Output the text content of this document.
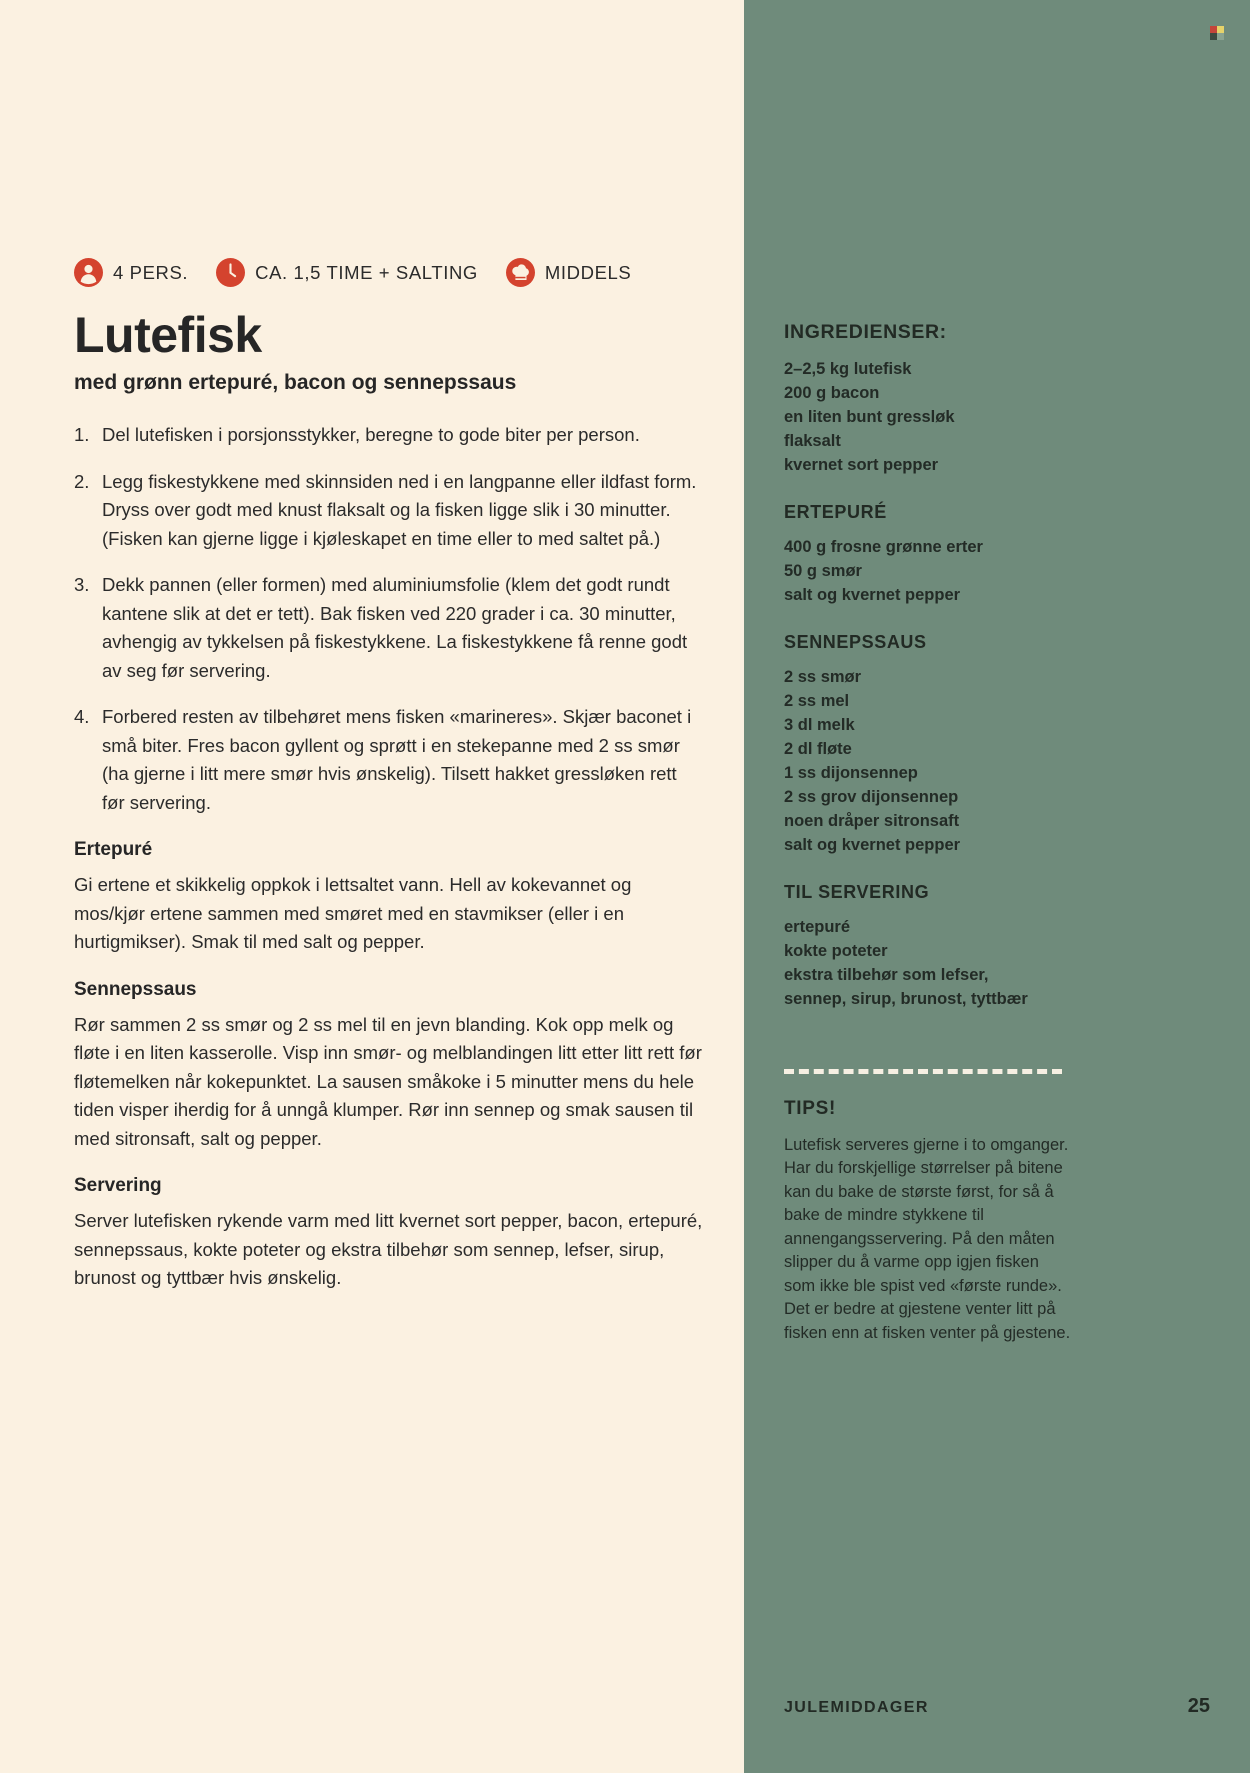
INGREDIENSER:
2–2,5 kg lutefisk
200 g bacon
en liten bunt gressløk
flaksalt
kvernet sort pepper
ERTEPURÉ
400 g frosne grønne erter
50 g smør
salt og kvernet pepper
SENNEPSSAUS
2 ss smør
2 ss mel
3 dl melk
2 dl fløte
1 ss dijonsennep
2 ss grov dijonsennep
noen dråper sitronsaft
salt og kvernet pepper
TIL SERVERING
ertepuré
kokte poteter
ekstra tilbehør som lefser,
sennep, sirup, brunost, tyttbær
TIPS!

Lutefisk serveres gjerne i to omganger. Har du forskjellige størrelser på bitene kan du bake de største først, for så å bake de mindre stykkene til annengangsservering. På den måten slipper du å varme opp igjen fisken som ikke ble spist ved «første runde». Det er bedre at gjestene venter litt på fisken enn at fisken venter på gjestene.

JULEMIDDAGER	25
4 PERS.	CA. 1,5 TIME + SALTING	MIDDELS
Lutefisk
med grønn ertepuré, bacon og sennepssaus
Del lutefisken i porsjonsstykker, beregne to gode biter per person.
Legg fiskestykkene med skinnsiden ned i en langpanne eller ildfast form. Dryss over godt med knust flaksalt og la fisken ligge slik i 30 minutter. (Fisken kan gjerne ligge i kjøleskapet en time eller to med saltet på.)
Dekk pannen (eller formen) med aluminiumsfolie (klem det godt rundt kantene slik at det er tett). Bak fisken ved 220 grader i ca. 30 minutter, avhengig av tykkelsen på fiskestykkene. La fiskestykkene få renne godt av seg før servering.
Forbered resten av tilbehøret mens fisken «marineres». Skjær baconet i små biter. Fres bacon gyllent og sprøtt i en stekepanne med 2 ss smør (ha gjerne i litt mere smør hvis ønskelig). Tilsett hakket gressløken rett før servering.
Ertepuré

Gi ertene et skikkelig oppkok i lettsaltet vann. Hell av kokevannet og mos/kjør ertene sammen med smøret med en stavmikser (eller i en hurtigmikser). Smak til med salt og pepper.

Sennepssaus

Rør sammen 2 ss smør og 2 ss mel til en jevn blanding. Kok opp melk og fløte i en liten kasserolle. Visp inn smør- og melblandingen litt etter litt rett før fløtemelken når kokepunktet. La sausen småkoke i 5 minutter mens du hele tiden visper iherdig for å unngå klumper. Rør inn sennep og smak sausen til med sitronsaft, salt og pepper.

Servering

Server lutefisken rykende varm med litt kvernet sort pepper, bacon, ertepuré, sennepssaus, kokte poteter og ekstra tilbehør som sennep, lefser, sirup, brunost og tyttbær hvis ønskelig.
